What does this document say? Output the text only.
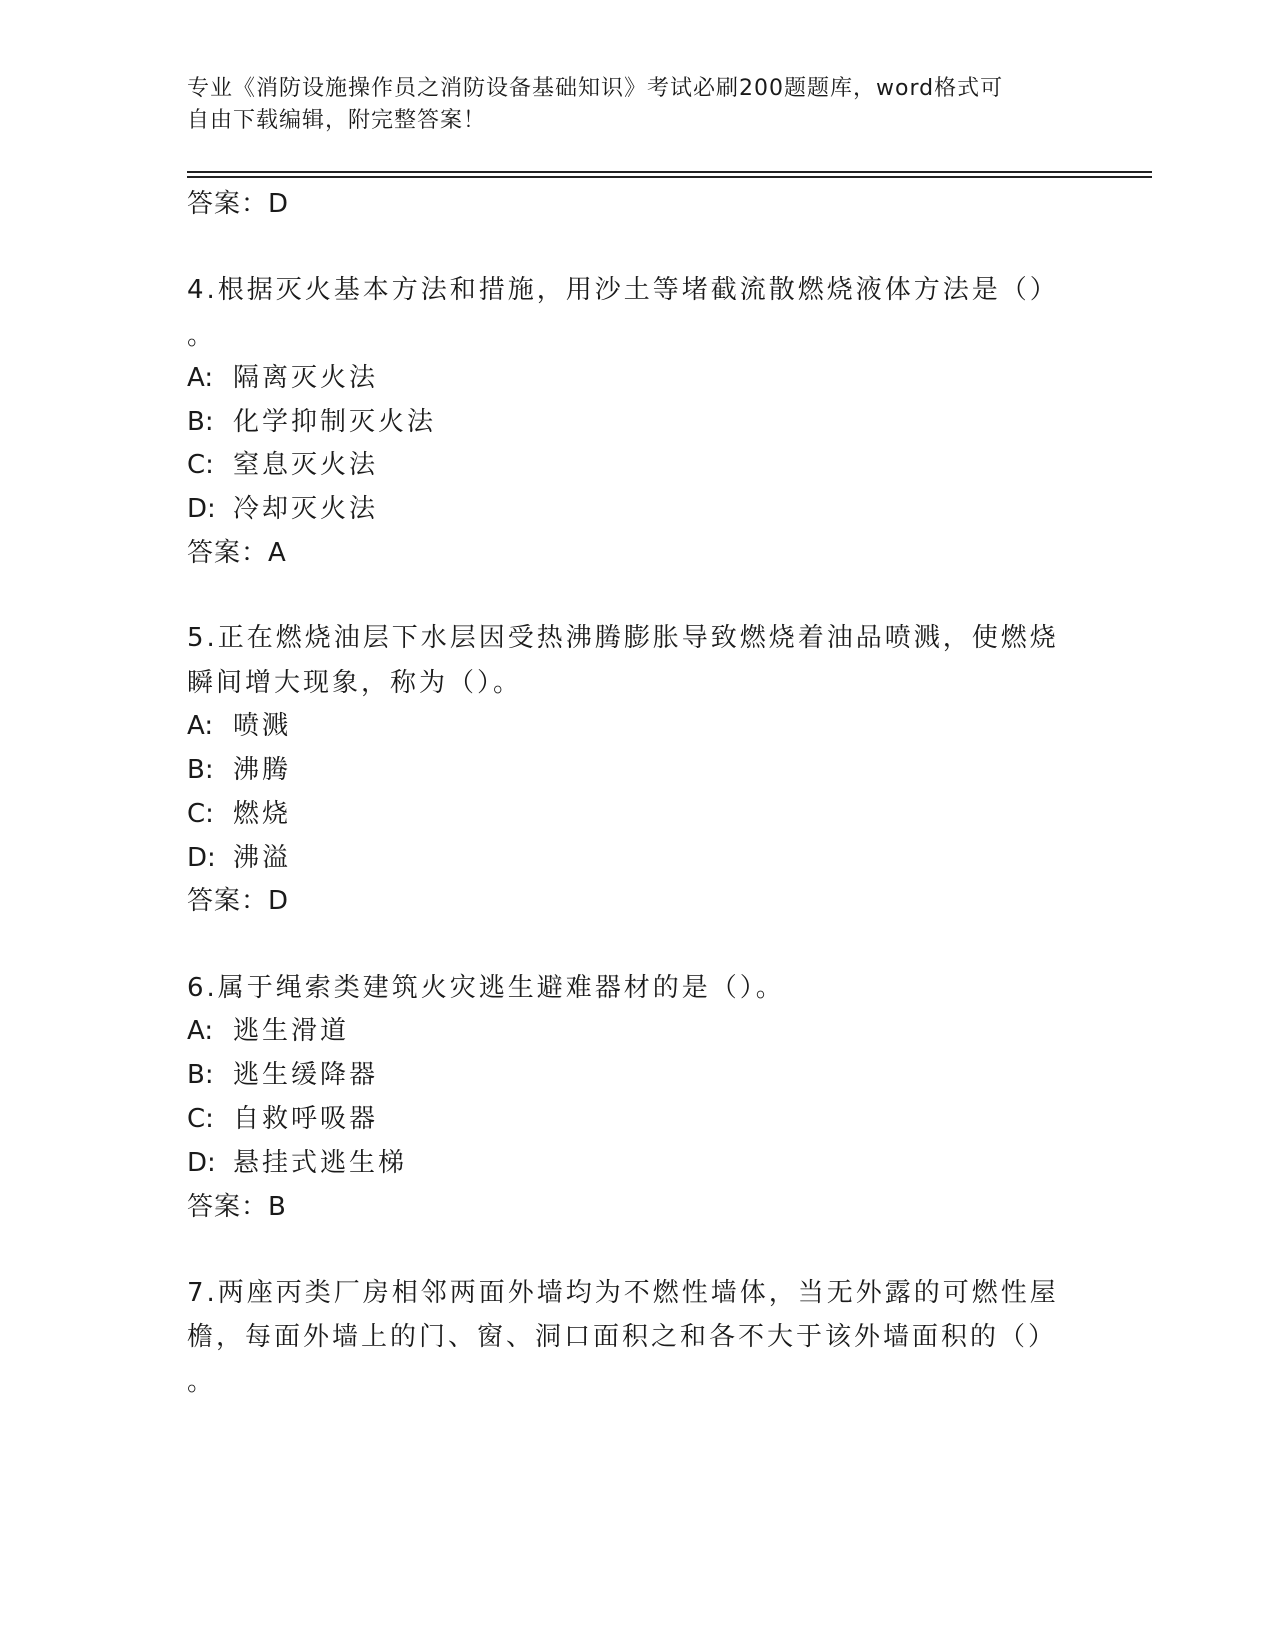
专业《消防设施操作员之消防设备基础知识》考试必刷200题题库，word格式可
自由下载编辑，附完整答案！
答案：D
4.根据灭火基本方法和措施，用沙土等堵截流散燃烧液体方法是（）
。
A: 隔离灭火法
B: 化学抑制灭火法
C: 窒息灭火法
D: 冷却灭火法
答案：A
5.正在燃烧油层下水层因受热沸腾膨胀导致燃烧着油品喷溅，使燃烧
瞬间增大现象，称为（）。
A: 喷溅
B: 沸腾
C: 燃烧
D: 沸溢
答案：D
6.属于绳索类建筑火灾逃生避难器材的是（）。
A: 逃生滑道
B: 逃生缓降器
C: 自救呼吸器
D: 悬挂式逃生梯
答案：B
7.两座丙类厂房相邻两面外墙均为不燃性墙体，当无外露的可燃性屋
檐，每面外墙上的门、窗、洞口面积之和各不大于该外墙面积的（）
。
